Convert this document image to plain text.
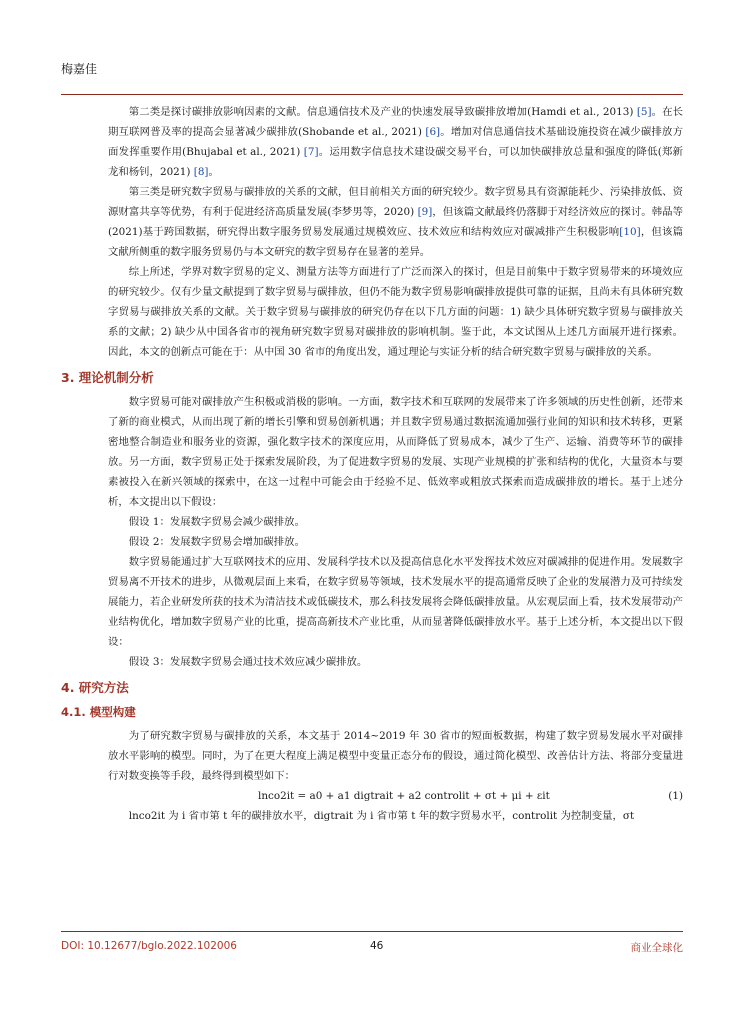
梅嘉佳

第二类是探讨碳排放影响因素的文献。信息通信技术及产业的快速发展导致碳排放增加(Hamdi et al., 2013) [5]。在长期互联网普及率的提高会显著减少碳排放(Shobande et al., 2021) [6]。增加对信息通信技术基础设施投资在减少碳排放方面发挥重要作用(Bhujabal et al., 2021) [7]。运用数字信息技术建设碳交易平台，可以加快碳排放总量和强度的降低(郑新龙和杨钊，2021) [8]。

第三类是研究数字贸易与碳排放的关系的文献，但目前相关方面的研究较少。数字贸易具有资源能耗少、污染排放低、资源财富共享等优势，有利于促进经济高质量发展(李梦男等，2020) [9]，但该篇文献最终仍落脚于对经济效应的探讨。韩晶等(2021)基于跨国数据，研究得出数字服务贸易发展通过规模效应、技术效应和结构效应对碳减排产生积极影响[10]，但该篇文献所侧重的数字服务贸易仍与本文研究的数字贸易存在显著的差异。

综上所述，学界对数字贸易的定义、测量方法等方面进行了广泛而深入的探讨，但是目前集中于数字贸易带来的环境效应的研究较少。仅有少量文献提到了数字贸易与碳排放，但仍不能为数字贸易影响碳排放提供可靠的证据，且尚未有具体研究数字贸易与碳排放关系的文献。关于数字贸易与碳排放的研究仍存在以下几方面的问题：1) 缺少具体研究数字贸易与碳排放关系的文献；2) 缺少从中国各省市的视角研究数字贸易对碳排放的影响机制。鉴于此，本文试图从上述几方面展开进行探索。因此，本文的创新点可能在于：从中国 30 省市的角度出发，通过理论与实证分析的结合研究数字贸易与碳排放的关系。

3. 理论机制分析

数字贸易可能对碳排放产生积极或消极的影响。一方面，数字技术和互联网的发展带来了许多领域的历史性创新，还带来了新的商业模式，从而出现了新的增长引擎和贸易创新机遇；并且数字贸易通过数据流通加强行业间的知识和技术转移，更紧密地整合制造业和服务业的资源，强化数字技术的深度应用，从而降低了贸易成本，减少了生产、运输、消费等环节的碳排放。另一方面，数字贸易正处于探索发展阶段，为了促进数字贸易的发展、实现产业规模的扩张和结构的优化，大量资本与要素被投入在新兴领域的探索中，在这一过程中可能会由于经验不足、低效率或粗放式探索而造成碳排放的增长。基于上述分析，本文提出以下假设：

假设 1：发展数字贸易会减少碳排放。

假设 2：发展数字贸易会增加碳排放。

数字贸易能通过扩大互联网技术的应用、发展科学技术以及提高信息化水平发挥技术效应对碳减排的促进作用。发展数字贸易离不开技术的进步，从微观层面上来看，在数字贸易等领域，技术发展水平的提高通常反映了企业的发展潜力及可持续发展能力，若企业研发所获的技术为清洁技术或低碳技术，那么科技发展将会降低碳排放量。从宏观层面上看，技术发展带动产业结构优化，增加数字贸易产业的比重，提高高新技术产业比重，从而显著降低碳排放水平。基于上述分析，本文提出以下假设：

假设 3：发展数字贸易会通过技术效应减少碳排放。

4. 研究方法
4.1. 模型构建

为了研究数字贸易与碳排放的关系，本文基于 2014~2019 年 30 省市的短面板数据，构建了数字贸易发展水平对碳排放水平影响的模型。同时，为了在更大程度上满足模型中变量正态分布的假设，通过简化模型、改善估计方法、将部分变量进行对数变换等手段，最终得到模型如下：

lnco2it = a0 + a1 digtrait + a2 controlit + σt + μi + εit	(1)

lnco2it 为 i 省市第 t 年的碳排放水平，digtrait 为 i 省市第 t 年的数字贸易水平，controlit 为控制变量，σt

DOI: 10.12677/bglo.2022.102006	46	商业全球化
